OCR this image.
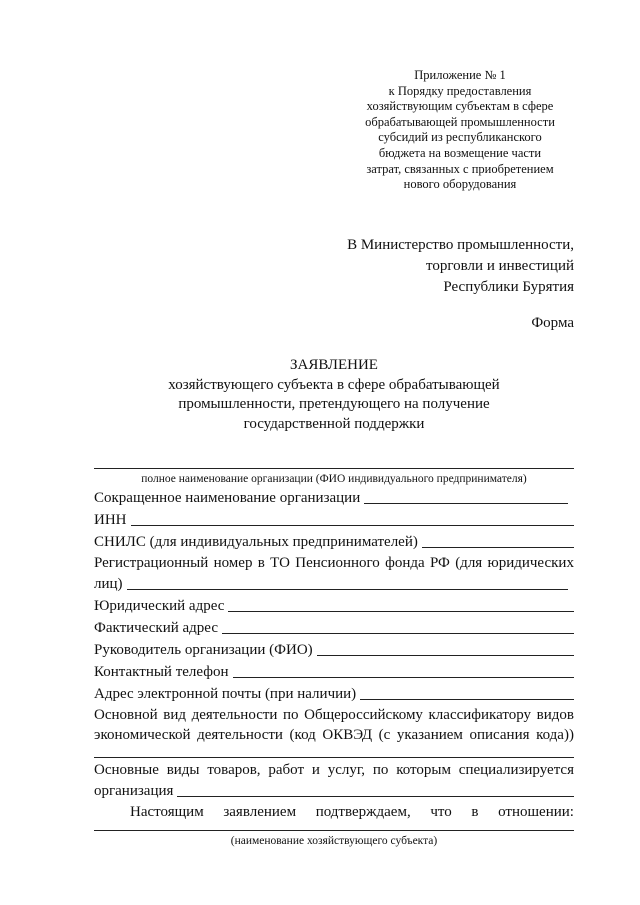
Приложение № 1
к Порядку предоставления
хозяйствующим субъектам в сфере
обрабатывающей промышленности
субсидий из республиканского
бюджета на возмещение части
затрат, связанных с приобретением
нового оборудования
В Министерство промышленности,
торговли и инвестиций
Республики Бурятия
Форма
ЗАЯВЛЕНИЕ
хозяйствующего субъекта в сфере обрабатывающей
промышленности, претендующего на получение
государственной поддержки
полное наименование организации (ФИО индивидуального предпринимателя)
Сокращенное наименование организации
ИНН
СНИЛС (для индивидуальных предпринимателей)
Регистрационный номер в ТО Пенсионного фонда РФ (для юридических
лиц)
Юридический адрес
Фактический адрес
Руководитель организации (ФИО)
Контактный телефон
Адрес электронной почты (при наличии)
Основной вид деятельности по Общероссийскому классификатору видов
экономической деятельности (код ОКВЭД (с указанием описания кода))
Основные виды товаров, работ и услуг, по которым специализируется
организация
Настоящим заявлением подтверждаем, что в отношении:
(наименование хозяйствующего субъекта)
